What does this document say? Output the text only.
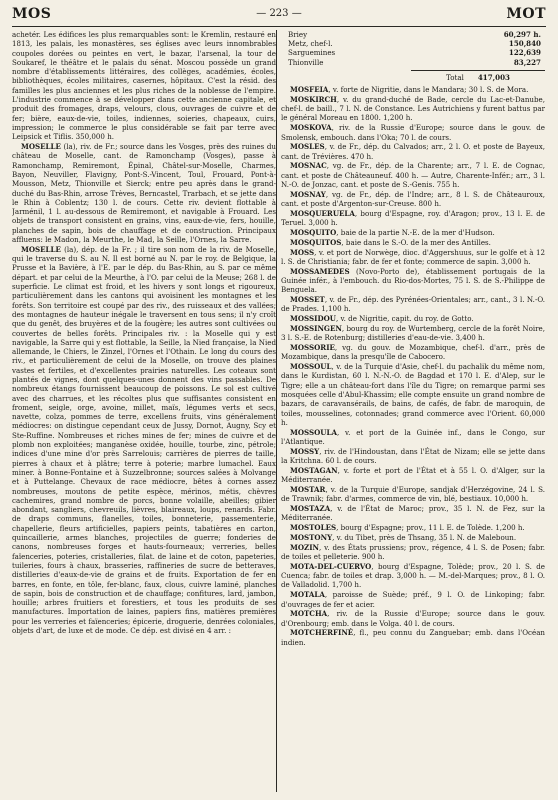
MOS	— 223 —	MOT

achetér. Les édifices les plus remarquables sont: le Kremlin, restauré en 1813, les palais, les monastères, ses églises avec leurs innombrables coupoles dorées ou peintes en vert, le bazar, l'arsenal, la tour de Soukaref, le théâtre et le palais du sénat. Moscou possède un grand nombre d'établissements littéraires, des collèges, académies, écoles, bibliothèques, écoles militaires, casernes, hôpitaux. C'est la résid. des familles les plus anciennes et les plus riches de la noblesse de l'empire. L'industrie commence à se développer dans cette ancienne capitale, et produit des fromages, draps, velours, clous, ouvrages de cuivre et de fer; bière, eaux-de-vie, toiles, indiennes, soieries, chapeaux, cuirs, impression; le commerce le plus considérable se fait par terre avec Leipsick et Tiflis. 350,000 h.

MOSELLE (la), riv. de Fr.; source dans les Vosges, près des ruines du château de Moselle, cant. de Ramonchamp (Vosges), passe à Ramonchamp, Remiremont, Épinal, Châtel-sur-Moselle, Charmes, Bayon, Neuviller, Flavigny, Pont-S.-Vincent, Toul, Frouard, Pont-à-Mousson, Metz, Thionville et Sierck; entre peu après dans le grand-duché du Bas-Rhin, arrose Trèves, Berncastel, Trarbach, et se jette dans le Rhin à Coblentz; 130 l. de cours. Cette riv. devient flottable à Jarménil, 1 l. au-dessous de Remiremont, et navigable à Frouard. Les objets de transport consistent en grains, vins, eaux-de-vie, fers, houille, planches de sapin, bois de chauffage et de construction. Principaux affluens: le Madon, la Meurthe, le Mad, la Seille, l'Ornes, la Sarre.

MOSELLE (la), dép. de la Fr. ; il tire son nom de la riv. de Moselle, qui le traverse du S. au N. Il est borné au N. par le roy. de Belgique, la Prusse et la Bavière, à l'E. par le dép. du Bas-Rhin, au S. par ce même départ. et par celui de la Meurthe, à l'O. par celui de la Meuse; 268 l. de superficie. Le climat est froid, et les hivers y sont longs et rigoureux, particulièrement dans les cantons qui avoisinent les montagnes et les forêts. Son territoire est coupé par des riv., des ruisseaux et des vallées; des montagnes de hauteur inégale le traversent en tous sens; il n'y croît que du genêt, des bruyères et de la fougère; les autres sont cultivées ou couvertes de belles forêts. Principales riv. : la Moselle qui y est navigable, la Sarre qui y est flottable, la Seille, la Nied française, la Nied allemande, le Chiers, le Zinzel, l'Ornes et l'Othain. Le long du cours des riv., et particulièrement de celui de la Moselle, on trouve des plaines vastes et fertiles, et d'excellentes prairies naturelles. Les coteaux sont plantés de vignes, dont quelques-unes donnent des vins passables. De nombreux étangs fournissent beaucoup de poissons. Le sol est cultivé avec des charrues, et les récoltes plus que suffisantes consistent en froment, seigle, orge, avoine, millet, maïs, légumes verts et secs, navette, colza, pommes de terre, excellens fruits, vins généralement médiocres: on distingue cependant ceux de Jussy, Dornot, Augny, Scy et Ste-Ruffine. Nombreuses et riches mines de fer; mines de cuivre et de plomb non exploitées; manganèse oxidée, houille, tourbe, zinc, pétrole; indices d'une mine d'or près Sarrelouis; carrières de pierres de taille, pierres à chaux et à plâtre; terre à poterie; marbre lumachel. Eaux miner. à Bonne-Fontaine et à Suzzelbronne; sources salées à Molvange et à Puttelange. Chevaux de race médiocre, bêtes à cornes assez nombreuses, moutons de petite espèce, mérinos, métis, chèvres cachemires, grand nombre de porcs, bonne volaille, abeilles; gibier abondant, sangliers, chevreuils, lièvres, blaireaux, loups, renards. Fabr. de draps communs, flanelles, toiles, bonneterie, passementerie, chapellerie, fleurs artificielles, papiers peints, tabatières en carton, quincaillerie, armes blanches, projectiles de guerre; fonderies de canons, nombreuses forges et hauts-fourneaux; verreries, belles faïenceries, poteries, cristalleries, filat. de laine et de coton, papeteries, tuileries, fours à chaux, brasseries, raffineries de sucre de betteraves, distilleries d'eaux-de-vie de grains et de fruits. Exportation de fer en barres, en fonte, en tôle, fer-blanc, faux, clous, cuivre laminé, planches de sapin, bois de construction et de chauffage; confitures, lard, jambon, houille; arbres fruitiers et forestiers, et tous les produits de ses manufactures. Importation de laines, papiers fins, matières premières pour les verreries et faïenceries; épicerie, droguerie, denrées coloniales, objets d'art, de luxe et de mode. Ce dép. est divisé en 4 arr. :

Briey	60,297 h.
Metz, chef-l.	150,840
Sarguemines	122,639
Thionville	83,227
Total 417,003

MOSFEIA, v. forte de Nigritie, dans le Mandara; 30 l. S. de Mora.

MOSKIRCH, v. du grand-duché de Bade, cercle du Lac-et-Danube, chef-l. de baill., 7 l. N. de Constance. Les Autrichiens y furent battus par le général Moreau en 1800. 1,200 h.

MOSKOVA, riv. de la Russie d'Europe; source dans le gouv. de Smolensk, embouch. dans l'Oka; 70 l. de cours.

MOSLES, v. de Fr., dép. du Calvados; arr., 2 l. O. et poste de Bayeux, cant. de Trévières. 470 h.

MOSNAC, vg. de Fr., dép. de la Charente; arr., 7 l. E. de Cognac, cant. et poste de Châteauneuf. 400 h. — Autre, Charente-Infér.; arr., 3 l. N.-O. de Jonzac, cant. et poste de S.-Genis. 755 h.

MOSNAY, vg. de Fr., dép. de l'Indre; arr., 8 l. S. de Châteauroux, cant. et poste d'Argenton-sur-Creuse. 800 h.

MOSQUERUELA, bourg d'Espagne, roy. d'Aragon; prov., 13 l. E. de Teruel. 3,000 h.

MOSQUITO, baie de la partie N.-E. de la mer d'Hudson.

MOSQUITOS, baie dans le S.-O. de la mer des Antilles.

MOSS, v. et port de Norwège, dioc. d'Aggershuus, sur le golfe et à 12 l. S. de Christiania; fabr. de fer et fonte; commerce de sapin. 3,000 h.

MOSSAMEDES (Novo-Porto de), établissement portugais de la Guinée infér., à l'embouch. du Rio-dos-Mortes, 75 l. S. de S.-Philippe de Benguela.

MOSSET, v. de Fr., dép. des Pyrénées-Orientales; arr., cant., 3 l. N.-O. de Prades. 1,100 h.

MOSSIDOU, v. de Nigritie, capit. du roy. de Gotto.

MOSSINGEN, bourg du roy. de Wurtemberg, cercle de la forêt Noire, 3 l. S.-E. de Rotenburg; distilleries d'eau-de-vie. 3,400 h.

MOSSORIE, vg. du gouv. de Mozambique, chef-l. d'arr., près de Mozambique, dans la presqu'île de Cabocero.

MOSSOUL, v. de la Turquie d'Asie, chef-l. du pachalik du même nom, dans le Kurdistan, 60 l. N.-N.-O. de Bagdad et 170 l. E. d'Alep, sur le Tigre; elle a un château-fort dans l'île du Tigre; on remarque parmi ses mosquées celle d'Abul-Khassim; elle compte ensuite un grand nombre de bazars, de caravansérails, de bains, de cafés, de fabr. de maroquin, de toiles, mousselines, cotonnades; grand commerce avec l'Orient. 60,000 h.

MOSSOULA, v. et port de la Guinée inf., dans le Congo, sur l'Atlantique.

MOSSY, riv. de l'Hindoustan, dans l'État de Nizam; elle se jette dans la Kritchna. 60 l. de cours.

MOSTAGAN, v. forte et port de l'État et à 55 l. O. d'Alger, sur la Méditerranée.

MOSTAR, v. de la Turquie d'Europe, sandjak d'Herzégovine, 24 l. S. de Trawnik; fabr. d'armes, commerce de vin, blé, bestiaux. 10,000 h.

MOSTAZA, v. de l'État de Maroc; prov., 35 l. N. de Fez, sur la Méditerranée.

MOSTOLES, bourg d'Espagne; prov., 11 l. E. de Tolède. 1,200 h.

MOSTONY, v. du Tibet, près de Thsang, 35 l. N. de Maleboun.

MOZIN, v. des États prussiens; prov., régence, 4 l. S. de Posen; fabr. de toiles et pelleterie. 900 h.

MOTA-DEL-CUERVO, bourg d'Espagne, Tolède; prov., 20 l. S. de Cuenca; fabr. de toiles et drap. 3,000 h. — M.-del-Marques; prov., 8 l. O. de Valladolid. 1,700 h.

MOTALA, paroisse de Suède; préf., 9 l. O. de Linkoping; fabr. d'ouvrages de fer et acier.

MOTCHA, riv. de la Russie d'Europe; source dans le gouv. d'Orenbourg; emb. dans le Volga. 40 l. de cours.

MOTCHERFINÉ, fl., peu connu du Zanguebar; emb. dans l'Océan indien.
